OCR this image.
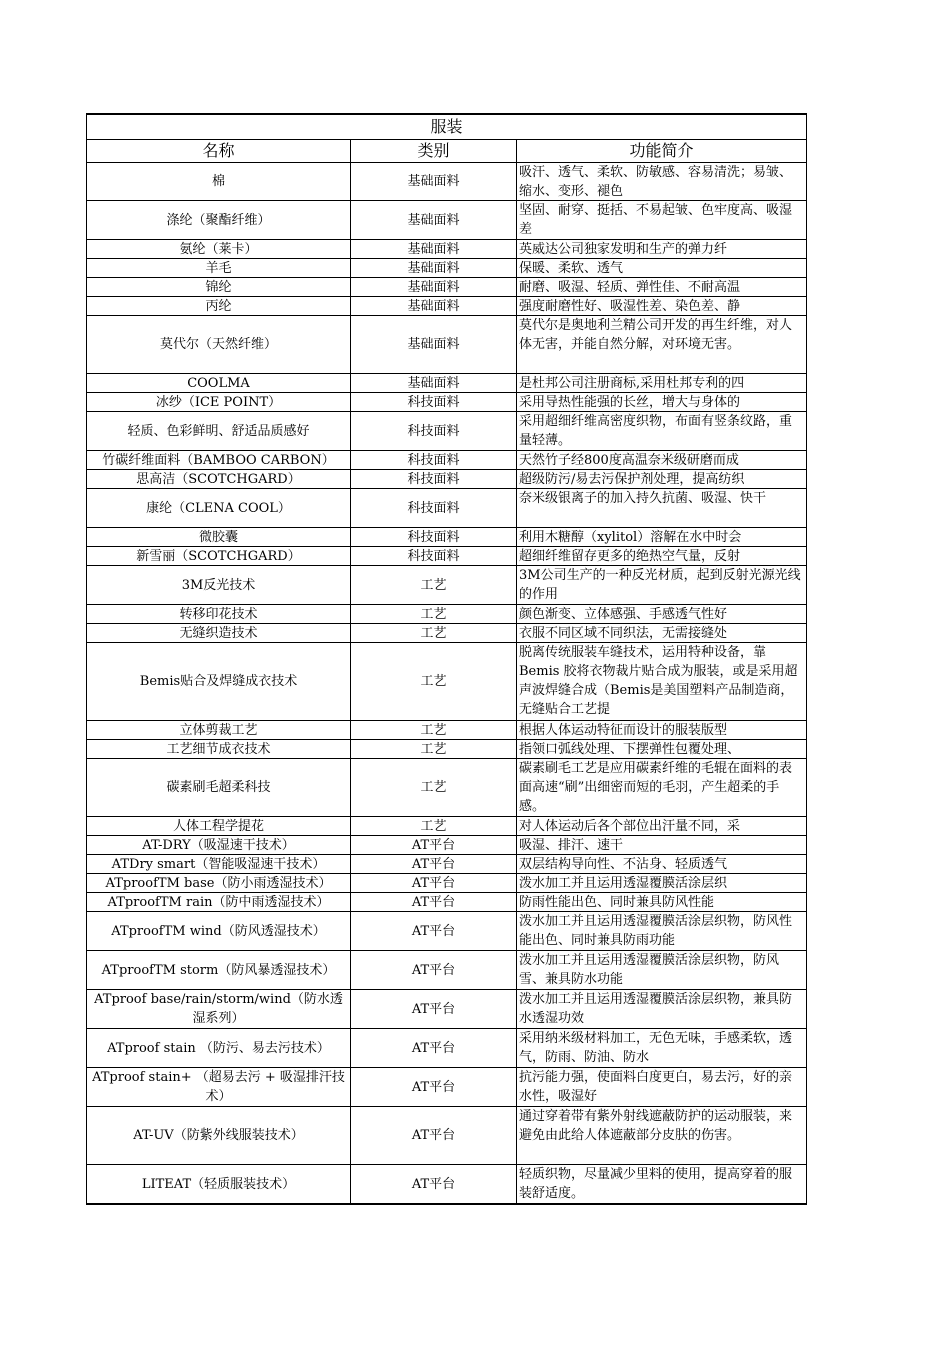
服装		
名称	类别	功能简介

棉	基础面料	吸汗、透气、柔软、防敏感、容易清洗；易皱、缩水、变形、褪色

涤纶（聚酯纤维）	基础面料	坚固、耐穿、挺括、不易起皱、色牢度高、吸湿差

氨纶（莱卡）	基础面料	英威达公司独家发明和生产的弹力纤

羊毛	基础面料	保暖、柔软、透气

锦纶	基础面料	耐磨、吸湿、轻质、弹性佳、不耐高温

丙纶	基础面料	强度耐磨性好、吸湿性差、染色差、静

莫代尔（天然纤维）	基础面料	莫代尔是奥地利兰精公司开发的再生纤维，对人体无害，并能自然分解，对环境无害。

COOLMA	基础面料	是杜邦公司注册商标,采用杜邦专利的四

冰纱（ICE POINT）	科技面料	采用导热性能强的长丝，增大与身体的

轻质、色彩鲜明、舒适品质感好	科技面料	采用超细纤维高密度织物，布面有竖条纹路，重量轻薄。

竹碳纤维面料（BAMBOO CARBON）	科技面料	天然竹子经800度高温奈米级研磨而成

思高洁（SCOTCHGARD）	科技面料	超级防污/易去污保护剂处理，提高纺织

康纶（CLENA COOL）	科技面料	奈米级银离子的加入持久抗菌、吸湿、快干

微胶囊	科技面料	利用木糖醇（xylitol）溶解在水中时会

新雪丽（SCOTCHGARD）	科技面料	超细纤维留存更多的绝热空气量，反射

3M反光技术	工艺	3M公司生产的一种反光材质，起到反射光源光线的作用

转移印花技术	工艺	颜色渐变、立体感强、手感透气性好

无缝织造技术	工艺	衣服不同区域不同织法，无需接缝处

Bemis贴合及焊缝成衣技术	工艺	脱离传统服装车缝技术，运用特种设备，靠 Bemis 胶将衣物裁片贴合成为服装，或是采用超声波焊缝合成（Bemis是美国塑料产品制造商，无缝贴合工艺提

立体剪裁工艺	工艺	根据人体运动特征而设计的服装版型

工艺细节成衣技术	工艺	指领口弧线处理、下摆弹性包覆处理、

碳素刷毛超柔科技	工艺	碳素刷毛工艺是应用碳素纤维的毛辊在面料的表面高速“刷”出细密而短的毛羽，产生超柔的手感。

人体工程学提花	工艺	对人体运动后各个部位出汗量不同，采

AT-DRY（吸湿速干技术）	AT平台	吸湿、排汗、速干

ATDry smart（智能吸湿速干技术）	AT平台	双层结构导向性、不沾身、轻质透气

ATproofTM base（防小雨透湿技术）	AT平台	泼水加工并且运用透湿覆膜活涂层织

ATproofTM rain（防中雨透湿技术）	AT平台	防雨性能出色、同时兼具防风性能

ATproofTM wind（防风透湿技术）	AT平台	泼水加工并且运用透湿覆膜活涂层织物，防风性能出色、同时兼具防雨功能

ATproofTM storm（防风暴透湿技术）	AT平台	泼水加工并且运用透湿覆膜活涂层织物，防风雪、兼具防水功能

ATproof base/rain/storm/wind（防水透湿系列）	AT平台	泼水加工并且运用透湿覆膜活涂层织物，兼具防水透湿功效

ATproof stain （防污、易去污技术）	AT平台	采用纳米级材料加工，无色无味，手感柔软，透气，防雨、防油、防水

ATproof stain+ （超易去污 + 吸湿排汗技术）	AT平台	抗污能力强，使面料白度更白，易去污，好的亲水性，吸湿好

AT-UV（防紫外线服装技术）	AT平台	通过穿着带有紫外射线遮蔽防护的运动服装，来避免由此给人体遮蔽部分皮肤的伤害。

LITEAT（轻质服装技术）	AT平台	轻质织物，尽量减少里料的使用，提高穿着的服装舒适度。
